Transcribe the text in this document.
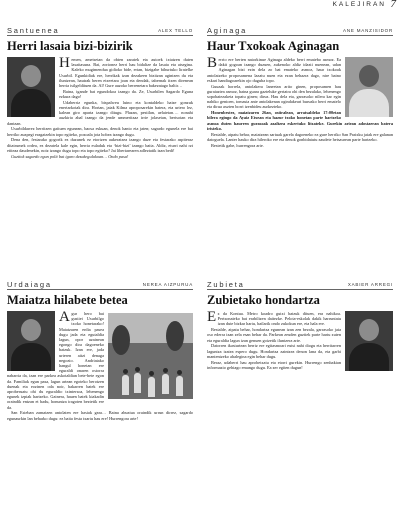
KALEJIRAN 7
Santuenea	ALEX TELLO
Herri lasaia bizi-bizirik

Hemen, ametsetan da obten zaratek eta autoek ixtatzen duten lasaitasuna. Bai, zorionez herri hau bidaltze da lasaia eta atsegina. Kaleko mugimendua gidioko bide, ertan, bizigabe bihurtuko liratelke Usurbil. Egunkidiak ere, herrikak izan dezakeen bizitzan agintzen du eta iluntzean, hautrak beren etxeetara joan eta dendak, tabernak itxen direnean herria isilgeldituen da. Al! Gure auzoko berrenetara bakezatago baltir…

Baina, igande bat egundokoa izango da. Ze, Usurbilen Sagardo Eguna ezkura dago!

Udaberriz egunka, bispalweu luino eta kontaldeko haize gonzuk enertarkotak dira. Hortan, jaiak Kilma aproposarekin batera, eta urtero lez, kalean giro aparta izango ditugu. Plazan, pestilan, aelaietan…. nonahi auzkiria abal izango da jende ummeritzaz irrie jolasetan, bertsotan eta dantzan.

Usurbildarrez herritzen gaituen egunean, baosa eskuan, denok hanto eta jaten; sagardo egunela ere bai herriko auzpegi eragatzekin topo egiteko, pozoala jota hobea izango dugu.

Dena den, festarako gogorik ez duzunek ez etortzen aukeratzea izango duze eta festarako aspiteraz ditatrumek ordea, ez dezatela kale egin, herria euladuk eta ‘bizi-bizi’ izango baita. Aldiz, eturri nahi rzt etiteaa daudenekin, noiz izango dugu topo eta topo egiteko? Jai libertarearen adleztatik izan bedi!

Guztiok sagardo egun polit bat igaro dezakegulakoan… Ondo pasa!

Aginaga	ANE MANZISIDOR
Haur Txokoak Aginagan

Berrio ere berten natorkinue Aginaga aldeko berri ematebo asmoz. Ea dakit gogoan izango duzuen, aukenoko aldiz idazti nuenean, udan Aginagan bizi ezin dela zo bat emateko asmoz, haur txokoak antolatzeko proposamena lazatu nuen eta ezan behazra dago, nire baino eskari handiagoarekin ojo duguba topo.

Guuzak horrela, antolakera laneetan arito ginen, proposamen hau guraiaztea asmoz, baina guara gazteluke gertatra ohi den bezalako, lehenengo sopobaiezaketa topatu ginen; diruz. Hau dela eta, garrasoko nilera kar egin nahiko genioen, tomasia ante antolakenan ogindakeari buruzko berri ematelo eta dirua axzten borri izenbideu aurkezteko.

Honenbestez, maiatzaren 26an, ostiralean, arratsaldeko 17:00etan bilera egingo da Ayaiz Etxean eta hazur txoko honetan parte hartzeko asmoa duten haurren gurasoak azaltzea eskertuko litzateke. Gurekin ariean adostaeran batera iristeko.

Bestalde, aipatu behar, maiatzean sartuak garela dagoeneko ea gure herriko San Praixku jaiak ere galanan datoguela. Lanter hauko dira hileroko ere eta denok gonbidatutu zaudete hetsaurean parte hartzeko.

Bestetik gabe, hurrengora arte.

Urdaiaga	NEREA AIZPURUA
Maiatza hilabete betea

Agur hero bai gustiei Usurbilgo txoko honetarako! Maiatzaren erdia pasea dugu jada eta egutaldia lagun, opor uzainean egongo dira dagoeneko batzuk. Izan ere, jada urteren aitzi denaga negozio. Andriatako hangul honetan ere eguraldi onaren ostorra nabarria da, izan ere parkea askotaldian bete-bete egon da. Familiak egun pasa, lagun artean egoteko berotzen duenak eta eozinen oda noir, bakarren batek ere aproberuatu ohi du eguraldio txintersoa, lehenengo egunek izpiak hartzeko. Gainera, hauen batek kiakadin oraindik entzan et badu, honuntza iragoten beztetik ere da.

San Esteban zamatzen antolaten ere hasiak gara… Baina abuztua oraindik urrun dirrez, sagardo egunaurkin lan beharko dugu: ez baita festa txartu hau ere! Hurrengora arte!

Zubieta	XABIER ARREGI
Zubietako hondartza

Ez da Kontua. Metro koadro gutxi batzuk dituen, era nahikoa. Pertsonaieko bat erabiltzen daitezke. Pelota-eskolak dakik harruntatu izan dute bizkar hartu, bailarik ondo zukokun ere, eta hala ere.

Bestalde, aipatu behar, hondartza egunean izan zen bezala, garrasoko jaia oso ederra izan zela esan behar da. Parkean zeuden guztiek parte hartu zuten eta eguraldia lagun izan genuen goizetik iluntzera arte.

Datorren ikasturtean berriz ere egitasmoari eutsi nahi diogu eta herritarren laguntza izatea espero dugu. Hondartza zaintzea denon lana da, eta garbi mantentzeko ahalegina egin behar dugu.

Beraz, udaberri hau aprobetxatu eta etorri gurekin. Hurrengo zenbakian informazio gehiago emango dugu. Ea zer egiten dugun!
